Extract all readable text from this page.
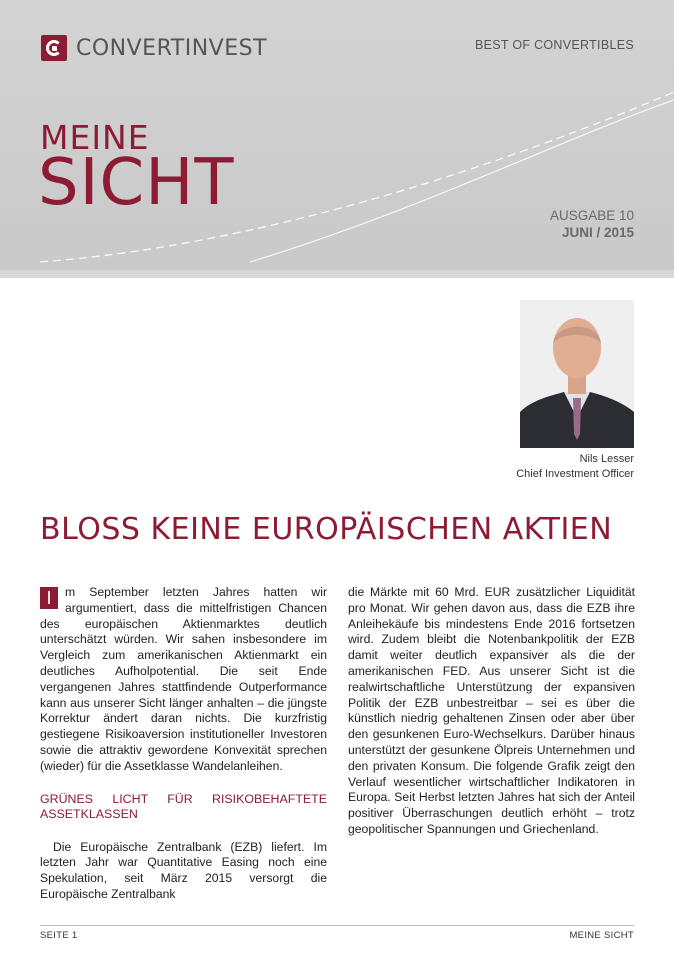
CONVERTINVEST	BEST OF CONVERTIBLES
MEINE
SICHT	AUSGABE 10
JUNI / 2015
Nils Lesser
Chief Investment Officer
BLOSS KEINE EUROPÄISCHEN AKTIEN

I	m September letzten Jahres hatten wir argumentiert, dass die mittelfristigen Chancen des europäischen Aktienmarktes deutlich unterschätzt würden. Wir sahen insbesondere im Vergleich zum amerikanischen Aktienmarkt ein deutliches Aufholpotential. Die seit Ende vergangenen Jahres stattfindende Outperformance kann aus unserer Sicht länger anhalten – die jüngste Korrektur ändert daran nichts. Die kurzfristig gestiegene Risikoaversion institutioneller Investoren sowie die attraktiv gewordene Konvexität sprechen (wieder) für die Assetklasse Wandelanleihen.

GRÜNES LICHT FÜR RISIKOBEHAFTETE ASSETKLASSEN

Die Europäische Zentralbank (EZB) liefert. Im letzten Jahr war Quantitative Easing noch eine Spekulation, seit März 2015 versorgt die Europäische Zentralbank

die Märkte mit 60 Mrd. EUR zusätzlicher Liquidität pro Monat. Wir gehen davon aus, dass die EZB ihre Anleihekäufe bis mindestens Ende 2016 fortsetzen wird. Zudem bleibt die Notenbankpolitik der EZB damit weiter deutlich expansiver als die der amerikanischen FED. Aus unserer Sicht ist die realwirtschaftliche Unterstützung der expansiven Politik der EZB unbestreitbar – sei es über die künstlich niedrig gehaltenen Zinsen oder aber über den gesunkenen Euro-Wechselkurs. Darüber hinaus unterstützt der gesunkene Ölpreis Unternehmen und den privaten Konsum. Die folgende Grafik zeigt den Verlauf wesentlicher wirtschaftlicher Indikatoren in Europa. Seit Herbst letzten Jahres hat sich der Anteil positiver Überraschungen deutlich erhöht – trotz geopolitischer Spannungen und Griechenland.

SEITE 1	MEINE SICHT
